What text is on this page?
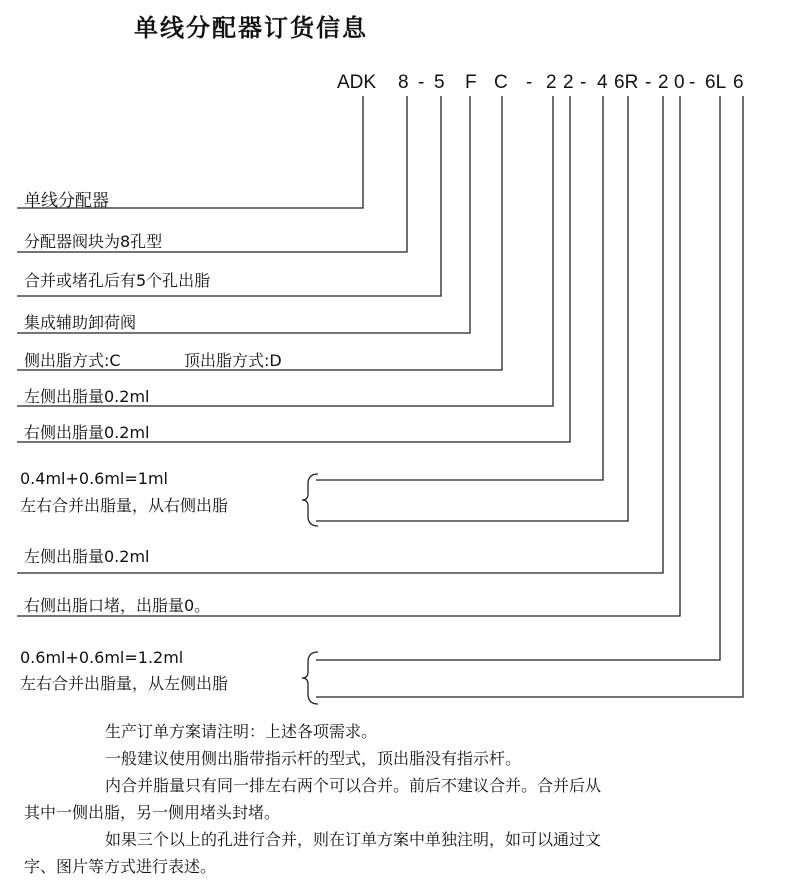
单线分配器订货信息
ADK 8 - 5 F C - 2 2 - 4 6R - 2 0 - 6L 6
单线分配器
分配器阀块为8孔型
合并或堵孔后有5个孔出脂
集成辅助卸荷阀
侧出脂方式:C	顶出脂方式:D
左侧出脂量0.2ml
右侧出脂量0.2ml
0.4ml+0.6ml=1ml
左右合并出脂量，从右侧出脂
左侧出脂量0.2ml
右侧出脂口堵，出脂量0。
0.6ml+0.6ml=1.2ml
左右合并出脂量，从左侧出脂
生产订单方案请注明：上述各项需求。
一般建议使用侧出脂带指示杆的型式，顶出脂没有指示杆。
内合并脂量只有同一排左右两个可以合并。前后不建议合并。合并后从
其中一侧出脂，另一侧用堵头封堵。
如果三个以上的孔进行合并，则在订单方案中单独注明，如可以通过文
字、图片等方式进行表述。
